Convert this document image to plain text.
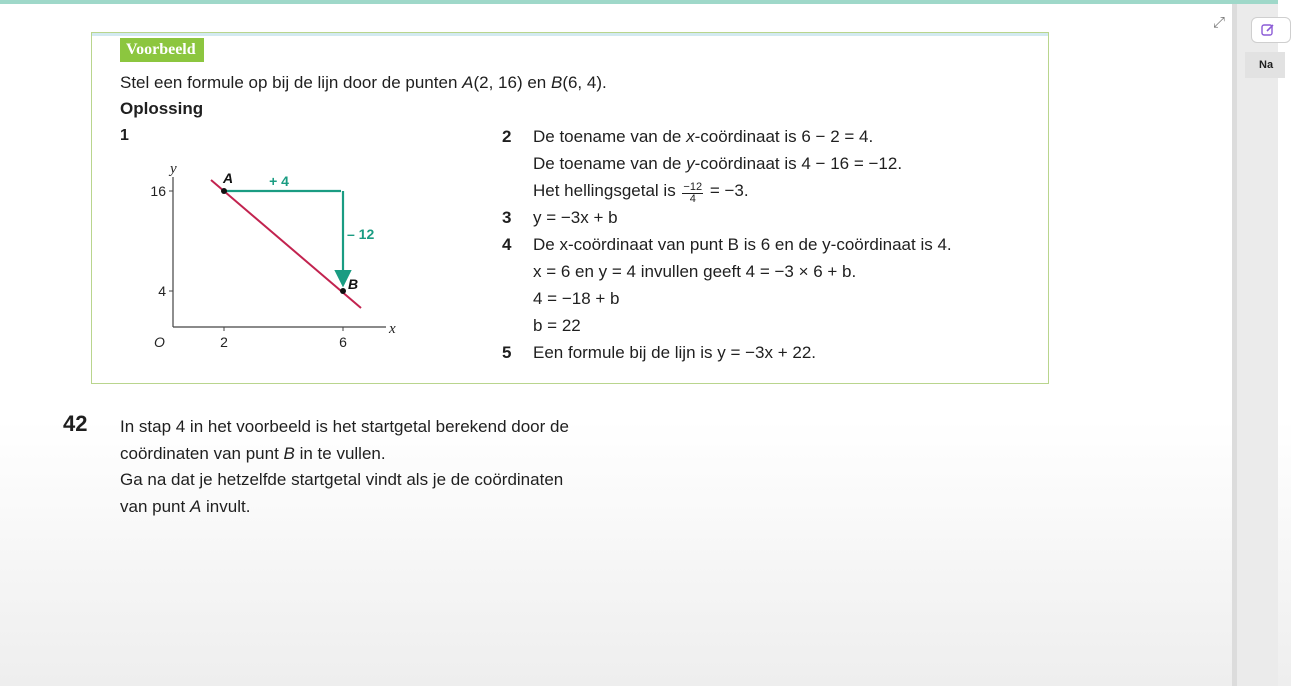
Voorbeeld
Stel een formule op bij de lijn door de punten A(2, 16) en B(6, 4).
Oplossing
1
y
x
O
16
4
2	6
+ 4
– 12
A
B
2 De toename van de x-coördinaat is 6 − 2 = 4.
De toename van de y-coördinaat is 4 − 16 = −12.
Het hellingsgetal is $\frac{-12}{4} = -3$.
3 y = −3x + b
4 De x-coördinaat van punt B is 6 en de y-coördinaat is 4.
x = 6 en y = 4 invullen geeft 4 = −3 × 6 + b.
4 = −18 + b
b = 22
5 Een formule bij de lijn is y = −3x + 22.
42 In stap 4 in het voorbeeld is het startgetal berekend door de
coördinaten van punt B in te vullen.
Ga na dat je hetzelfde startgetal vindt als je de coördinaten
van punt A invult.
⤢
Na
